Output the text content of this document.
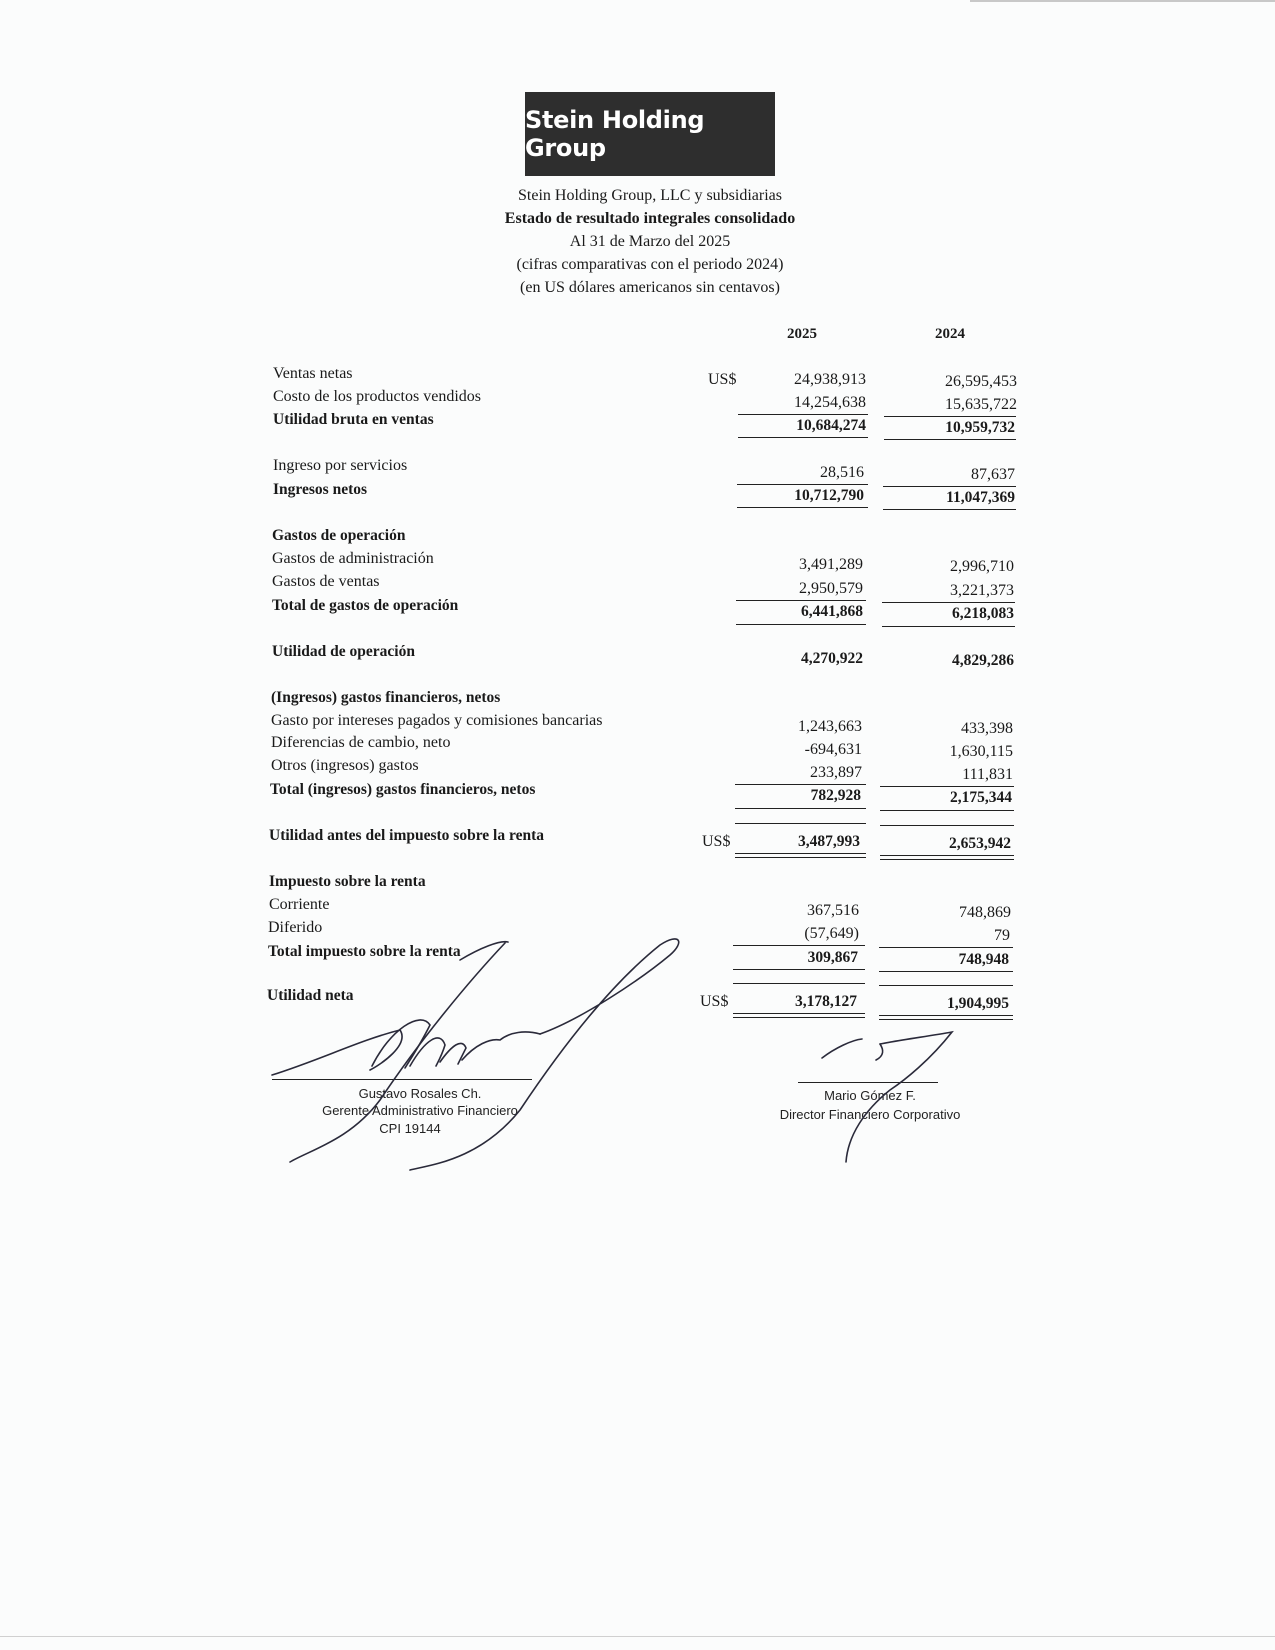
Stein Holding Group
Stein Holding Group, LLC y subsidiarias
Estado de resultado integrales consolidado
Al 31 de Marzo del 2025
(cifras comparativas con el periodo 2024)
(en US dólares americanos sin centavos)
2025	2024
Ventas netas	US$	24,938,913	26,595,453
Costo de los productos vendidos	14,254,638	15,635,722
Utilidad bruta en ventas	10,684,274	10,959,732
Ingreso por servicios	28,516	87,637
Ingresos netos	10,712,790	11,047,369
Gastos de operación
Gastos de administración	3,491,289	2,996,710
Gastos de ventas	2,950,579	3,221,373
Total de gastos de operación	6,441,868	6,218,083
Utilidad de operación	4,270,922	4,829,286
(Ingresos) gastos financieros, netos
Gasto por intereses pagados y comisiones bancarias	1,243,663	433,398
Diferencias de cambio, neto	-694,631	1,630,115
Otros (ingresos) gastos	233,897	111,831
Total (ingresos) gastos financieros, netos	782,928	2,175,344
Utilidad antes del impuesto sobre la renta	US$	3,487,993	2,653,942
Impuesto sobre la renta
Corriente	367,516	748,869
Diferido	(57,649)	79
Total impuesto sobre la renta	309,867	748,948
Utilidad neta	US$	3,178,127	1,904,995
Gustavo Rosales Ch.
Gerente Administrativo Financiero
CPI 19144
Mario Gómez F.
Director Financiero Corporativo
